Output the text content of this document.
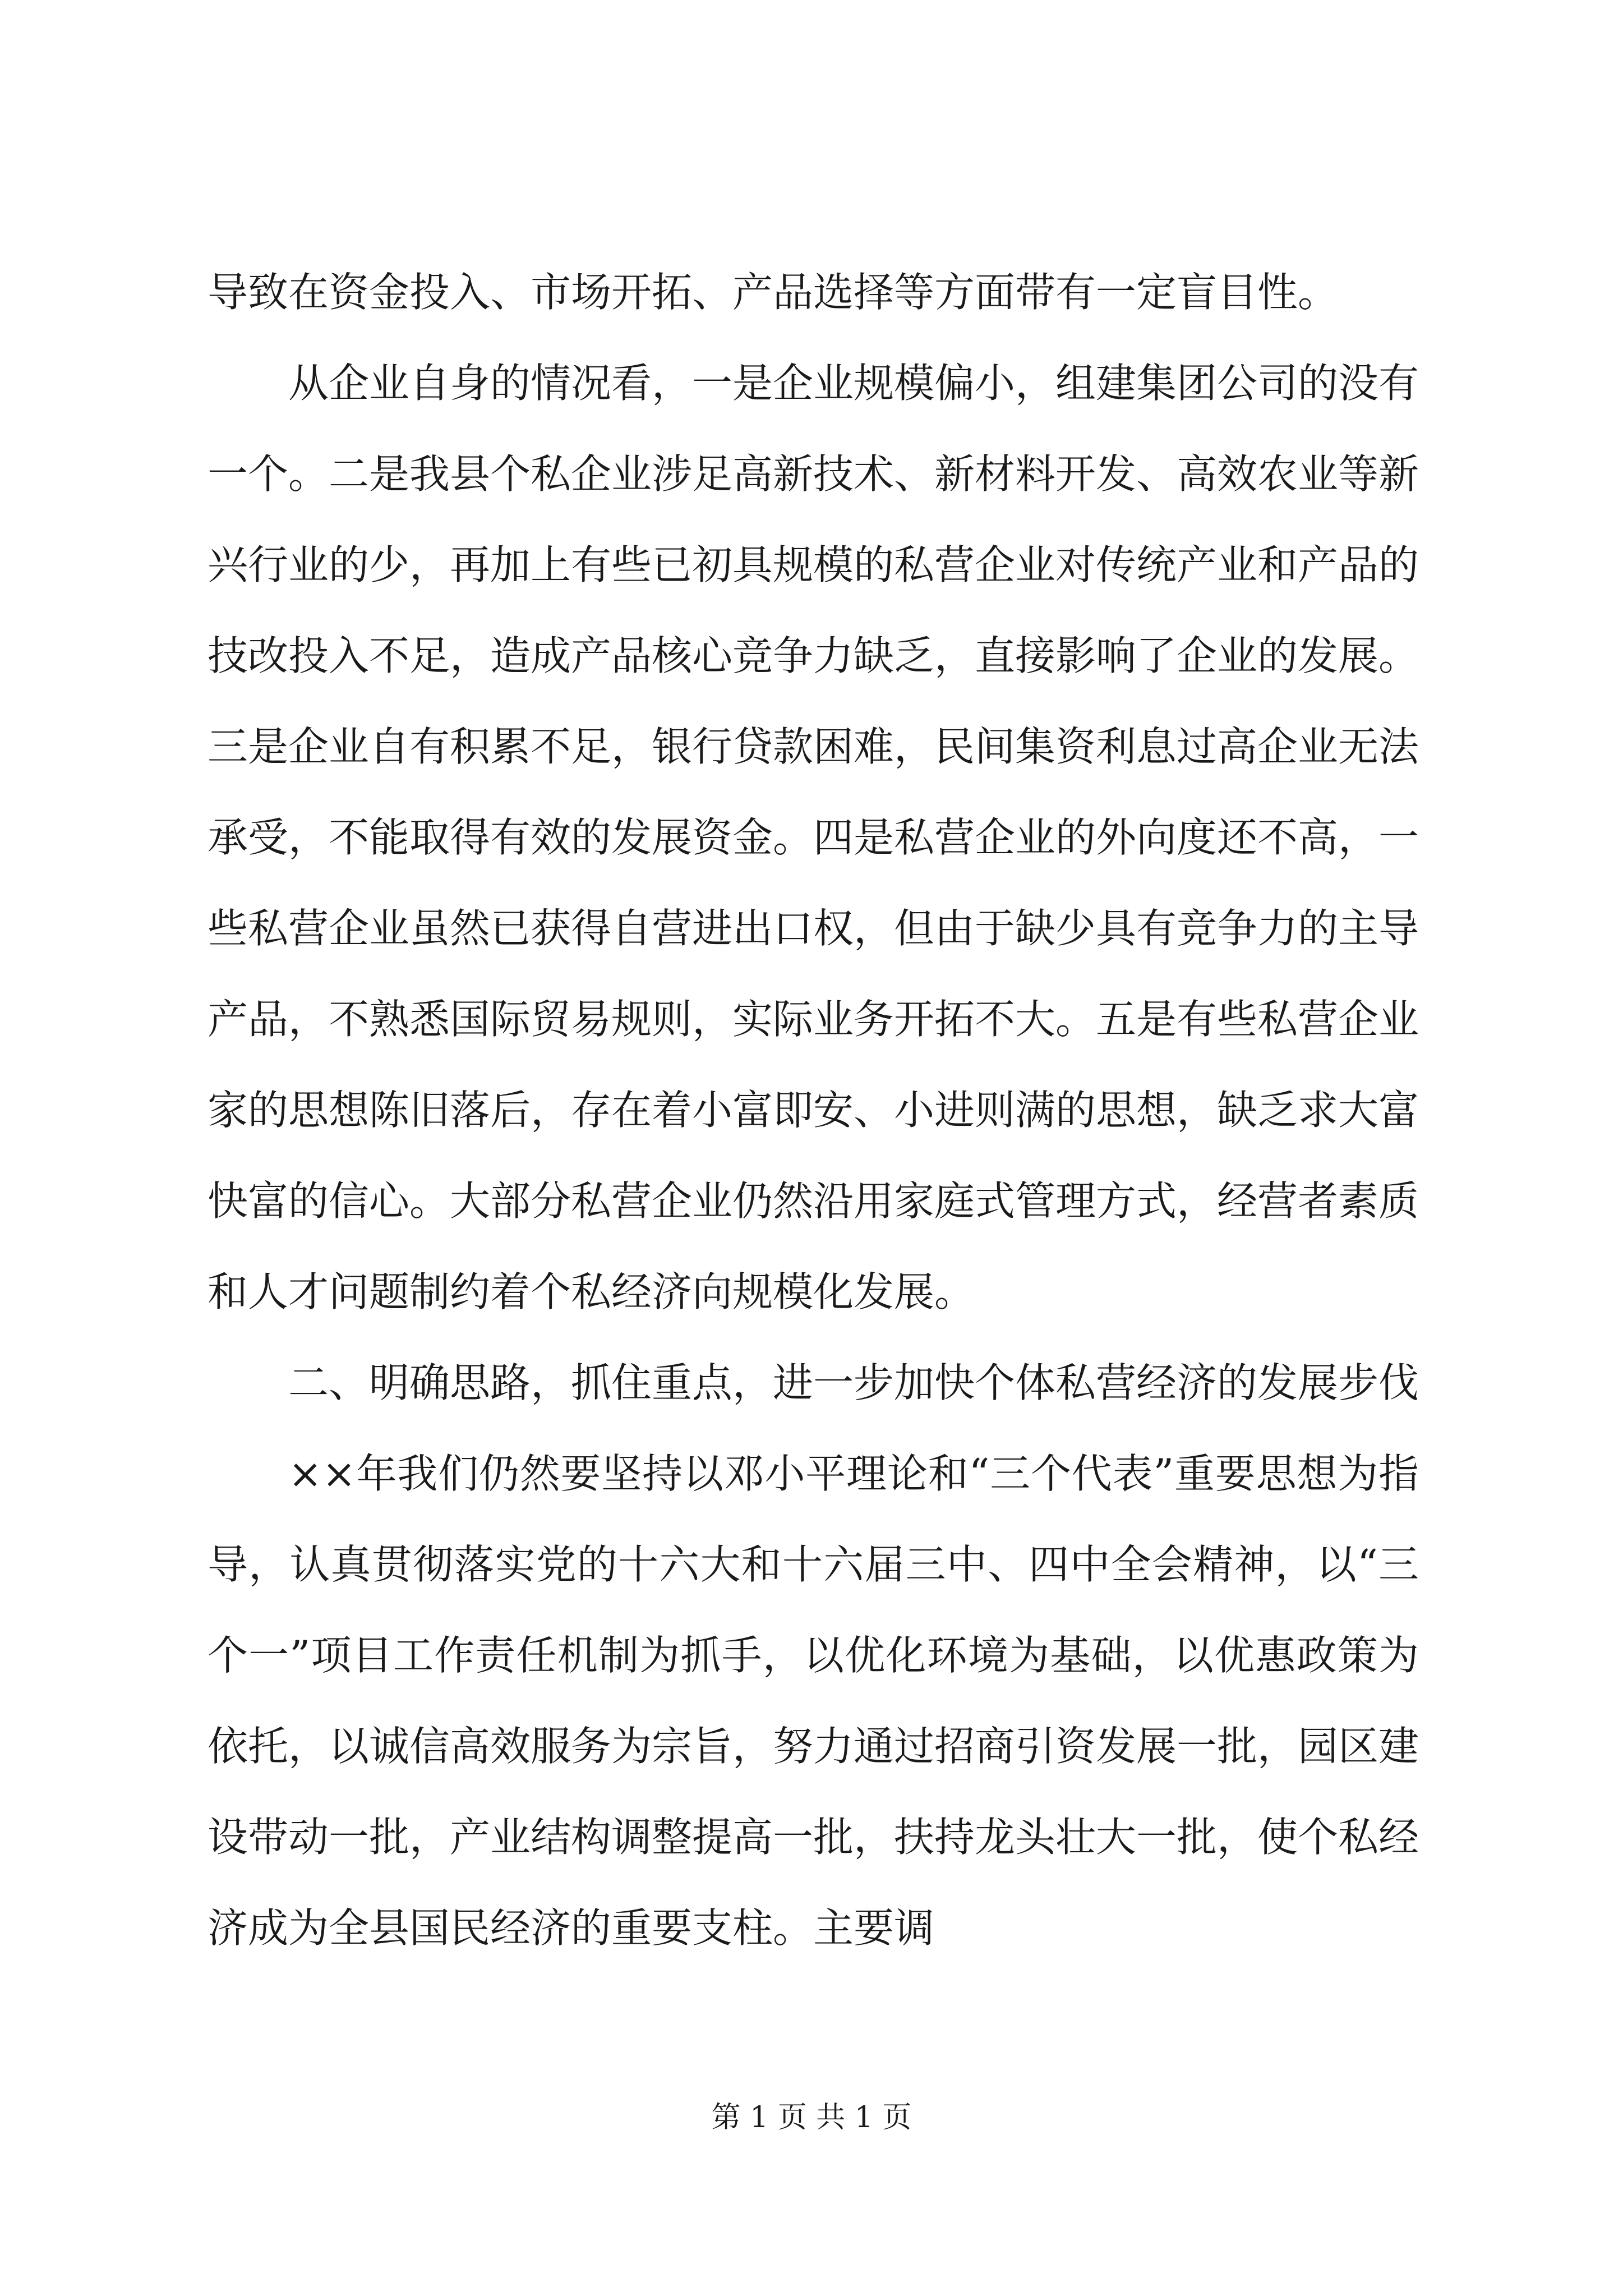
导致在资金投入、市场开拓、产品选择等方面带有一定盲目性。

从企业自身的情况看，一是企业规模偏小，组建集团公司的没有一个。二是我县个私企业涉足高新技术、新材料开发、高效农业等新兴行业的少，再加上有些已初具规模的私营企业对传统产业和产品的技改投入不足，造成产品核心竞争力缺乏，直接影响了企业的发展。三是企业自有积累不足，银行贷款困难，民间集资利息过高企业无法承受，不能取得有效的发展资金。四是私营企业的外向度还不高，一些私营企业虽然已获得自营进出口权，但由于缺少具有竞争力的主导产品，不熟悉国际贸易规则，实际业务开拓不大。五是有些私营企业家的思想陈旧落后，存在着小富即安、小进则满的思想，缺乏求大富快富的信心。大部分私营企业仍然沿用家庭式管理方式，经营者素质和人才问题制约着个私经济向规模化发展。

二、明确思路，抓住重点，进一步加快个体私营经济的发展步伐

××年我们仍然要坚持以邓小平理论和“三个代表”重要思想为指导，认真贯彻落实党的十六大和十六届三中、四中全会精神，以“三个一”项目工作责任机制为抓手，以优化环境为基础，以优惠政策为依托，以诚信高效服务为宗旨，努力通过招商引资发展一批，园区建设带动一批，产业结构调整提高一批，扶持龙头壮大一批，使个私经济成为全县国民经济的重要支柱。主要调

第 1 页 共 1 页
